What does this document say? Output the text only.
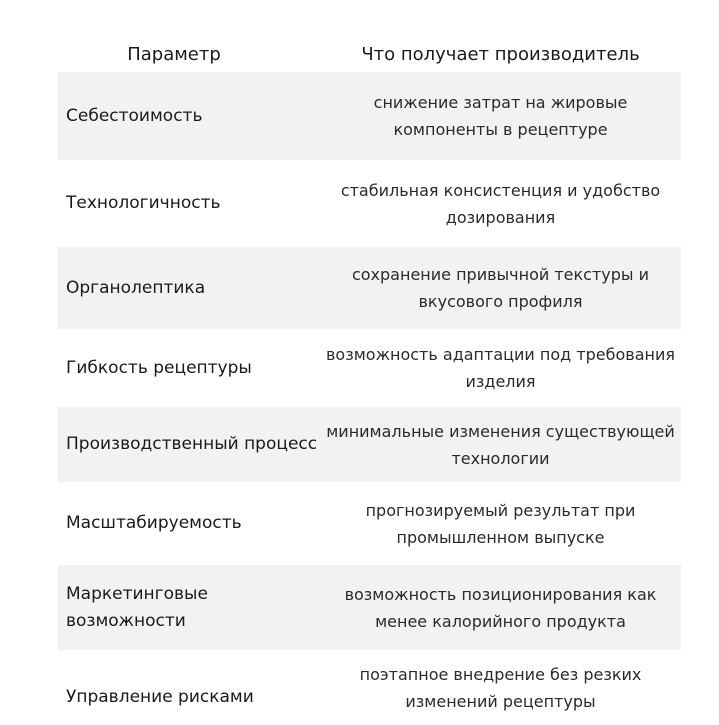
Параметр	Что получает производитель
Себестоимость
снижение затрат на жировые компоненты в рецептуре
Технологичность
стабильная консистенция и удобство дозирования
Органолептика
сохранение привычной текстуры и вкусового профиля
Гибкость рецептуры
возможность адаптации под требования изделия
Производственный процесс
минимальные изменения существующей технологии
Масштабируемость
прогнозируемый результат при промышленном выпуске
Маркетинговые возможности
возможность позиционирования как менее калорийного продукта
Управление рисками
поэтапное внедрение без резких изменений рецептуры
